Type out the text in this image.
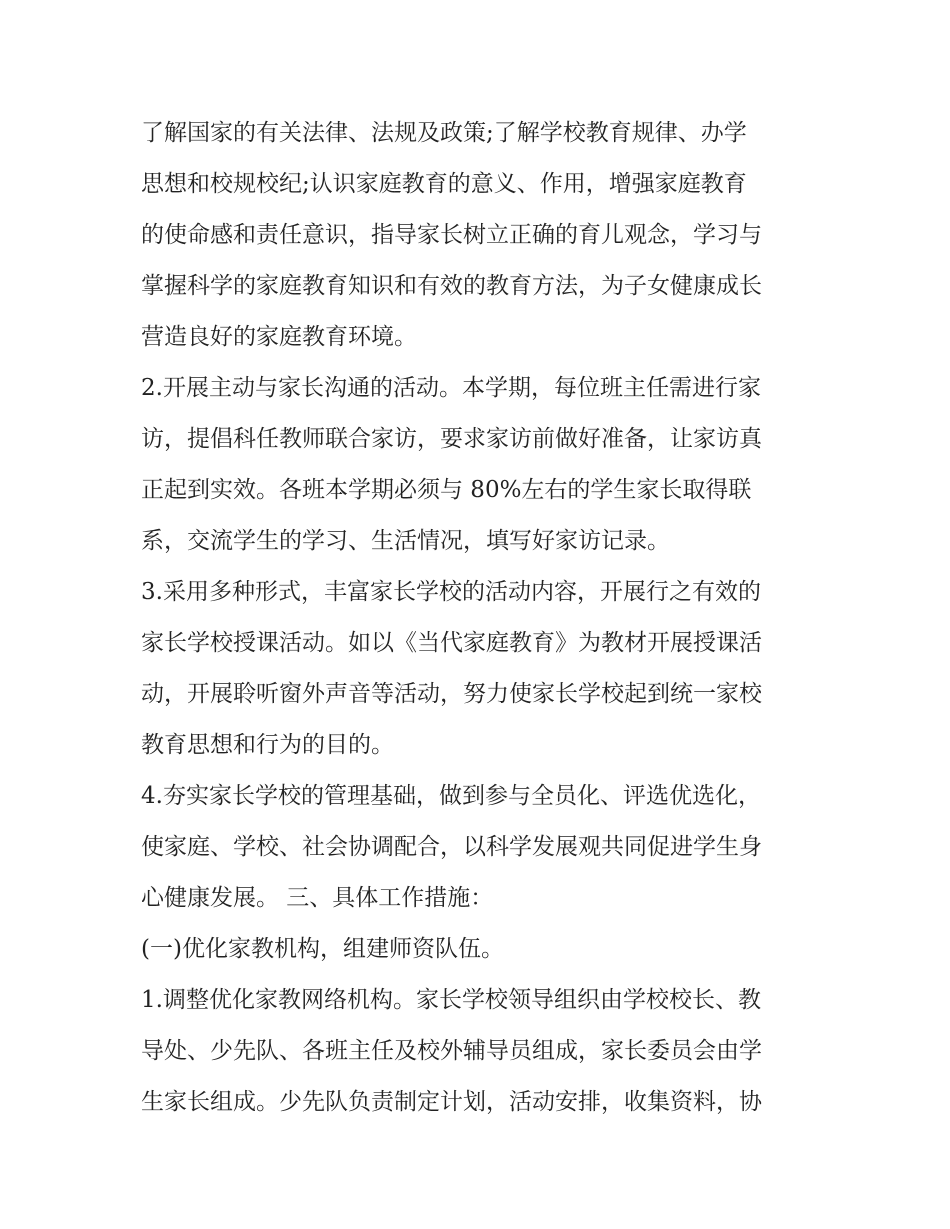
了解国家的有关法律、法规及政策;了解学校教育规律、办学
思想和校规校纪;认识家庭教育的意义、作用，增强家庭教育
的使命感和责任意识，指导家长树立正确的育儿观念，学习与
掌握科学的家庭教育知识和有效的教育方法，为子女健康成长
营造良好的家庭教育环境。
2.开展主动与家长沟通的活动。本学期，每位班主任需进行家
访，提倡科任教师联合家访，要求家访前做好准备，让家访真
正起到实效。各班本学期必须与 80%左右的学生家长取得联
系，交流学生的学习、生活情况，填写好家访记录。
3.采用多种形式，丰富家长学校的活动内容，开展行之有效的
家长学校授课活动。如以《当代家庭教育》为教材开展授课活
动，开展聆听窗外声音等活动，努力使家长学校起到统一家校
教育思想和行为的目的。
4.夯实家长学校的管理基础，做到参与全员化、评选优选化，
使家庭、学校、社会协调配合，以科学发展观共同促进学生身
心健康发展。 三、具体工作措施：
(一)优化家教机构，组建师资队伍。
1.调整优化家教网络机构。家长学校领导组织由学校校长、教
导处、少先队、各班主任及校外辅导员组成，家长委员会由学
生家长组成。少先队负责制定计划，活动安排，收集资料，协
